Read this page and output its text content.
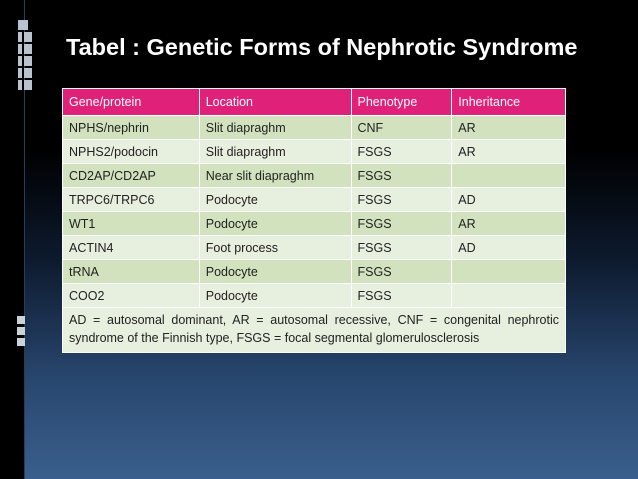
Tabel : Genetic Forms of Nephrotic Syndrome
Gene/protein	Location	Phenotype	Inheritance
NPHS/nephrin	Slit diapraghm	CNF	AR
NPHS2/podocin	Slit diapraghm	FSGS	AR
CD2AP/CD2AP	Near slit diapraghm	FSGS	
TRPC6/TRPC6	Podocyte	FSGS	AD
WT1	Podocyte	FSGS	AR
ACTIN4	Foot process	FSGS	AD
tRNA	Podocyte	FSGS	
COO2	Podocyte	FSGS	
AD = autosomal dominant, AR = autosomal recessive, CNF = congenital nephrotic syndrome of the Finnish type, FSGS = focal segmental glomerulosclerosis			
